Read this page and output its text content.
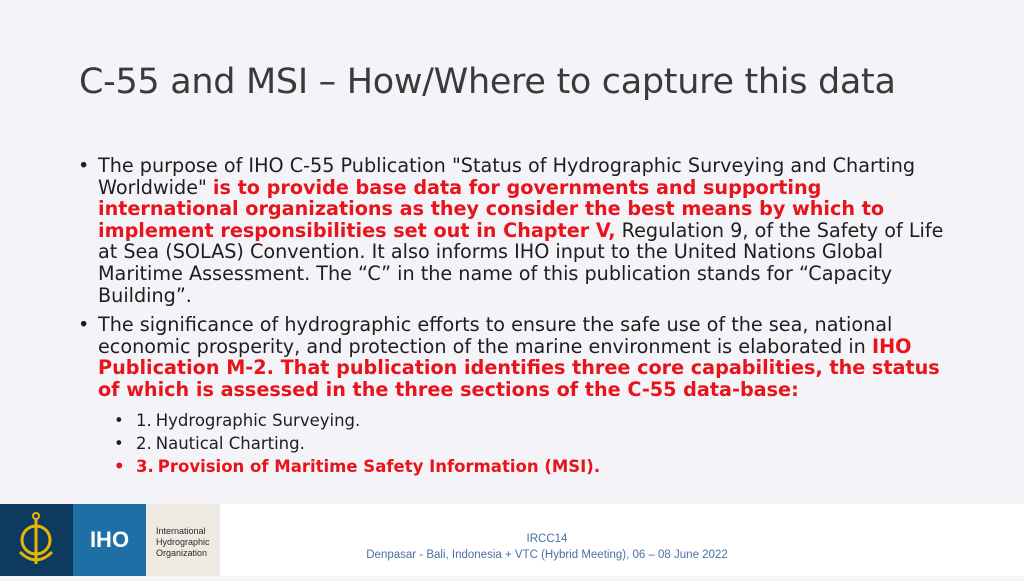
C-55 and MSI – How/Where to capture this data
• The purpose of IHO C-55 Publication "Status of Hydrographic Surveying and Charting Worldwide" is to provide base data for governments and supporting international organizations as they consider the best means by which to implement responsibilities set out in Chapter V, Regulation 9, of the Safety of Life at Sea (SOLAS) Convention. It also informs IHO input to the United Nations Global Maritime Assessment. The “C” in the name of this publication stands for “Capacity Building”.
• The significance of hydrographic efforts to ensure the safe use of the sea, national economic prosperity, and protection of the marine environment is elaborated in IHO Publication M-2. That publication identifies three core capabilities, the status of which is assessed in the three sections of the C-55 data-base:
• 1. Hydrographic Surveying.
• 2. Nautical Charting.
• 3. Provision of Maritime Safety Information (MSI).
IHO	International
Hydrographic
Organization
IRCC14
Denpasar - Bali, Indonesia + VTC (Hybrid Meeting), 06 – 08 June 2022
